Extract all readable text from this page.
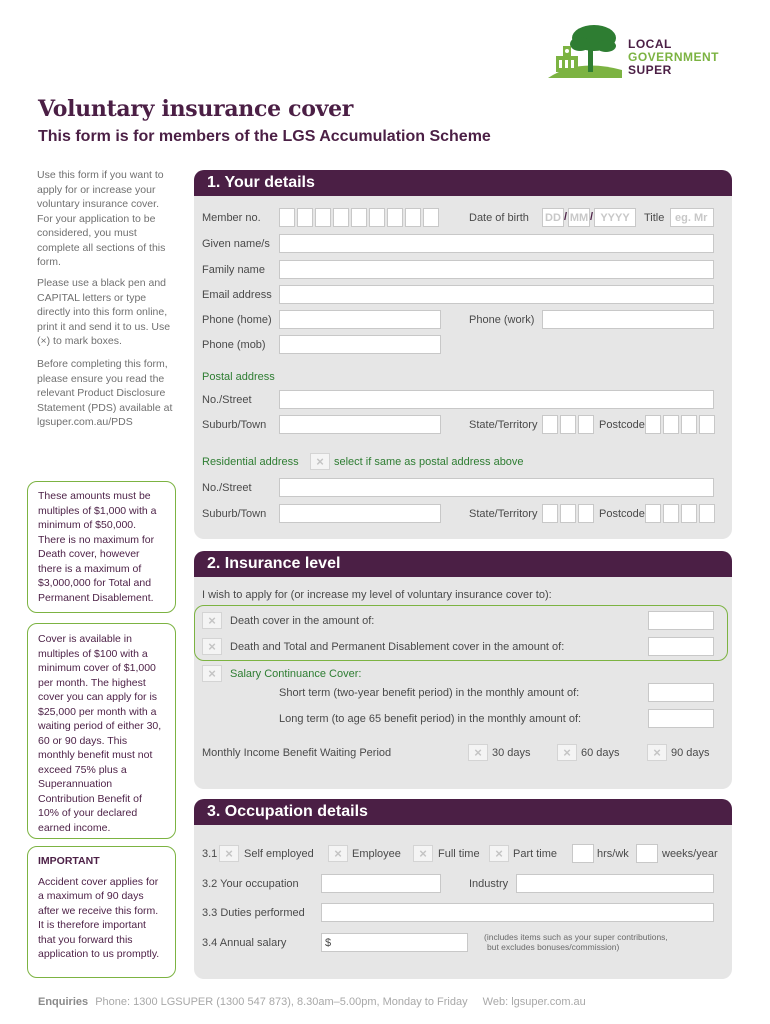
LOCAL
GOVERNMENT
SUPER
Voluntary insurance cover
This form is for members of the LGS Accumulation Scheme
Use this form if you want to apply for or increase your voluntary insurance cover. For your application to be considered, you must complete all sections of this form.
Please use a black pen and CAPITAL letters or type directly into this form online, print it and send it to us. Use (×) to mark boxes.
Before completing this form, please ensure you read the relevant Product Disclosure Statement (PDS) available at lgsuper.com.au/PDS
These amounts must be multiples of $1,000 with a minimum of $50,000. There is no maximum for Death cover, however there is a maximum of $3,000,000 for Total and Permanent Disablement.
Cover is available in multiples of $100 with a minimum cover of $1,000 per month. The highest cover you can apply for is $25,000 per month with a waiting period of either 30, 60 or 90 days. This monthly benefit must not exceed 75% plus a Superannuation Contribution Benefit of 10% of your declared earned income.
IMPORTANT
Accident cover applies for a maximum of 90 days after we receive this form. It is therefore important that you forward this application to us promptly.
1. Your details
Member no.	Date of birth DD / MM / YYYY	Title eg. Mr
Given name/s
Family name
Email address
Phone (home)	Phone (work)
Phone (mob)
Postal address
No./Street
Suburb/Town	State/Territory	Postcode
Residential address	× select if same as postal address above
No./Street
Suburb/Town	State/Territory	Postcode
2. Insurance level
I wish to apply for (or increase my level of voluntary insurance cover to):
×	Death cover in the amount of:
×	Death and Total and Permanent Disablement cover in the amount of:
×	Salary Continuance Cover:
Short term (two-year benefit period) in the monthly amount of:
Long term (to age 65 benefit period) in the monthly amount of:
Monthly Income Benefit Waiting Period	× 30 days	× 60 days	× 90 days
3. Occupation details
3.1 ×	Self employed	× Employee	×	Full time	× Part time	hrs/wk	weeks/year
3.2 Your occupation	Industry
3.3 Duties performed
3.4 Annual salary	$	(includes items such as your super contributions,
but excludes bonuses/commission)
Enquiries Phone: 1300 LGSUPER (1300 547 873), 8.30am–5.00pm, Monday to Friday Web: lgsuper.com.au
